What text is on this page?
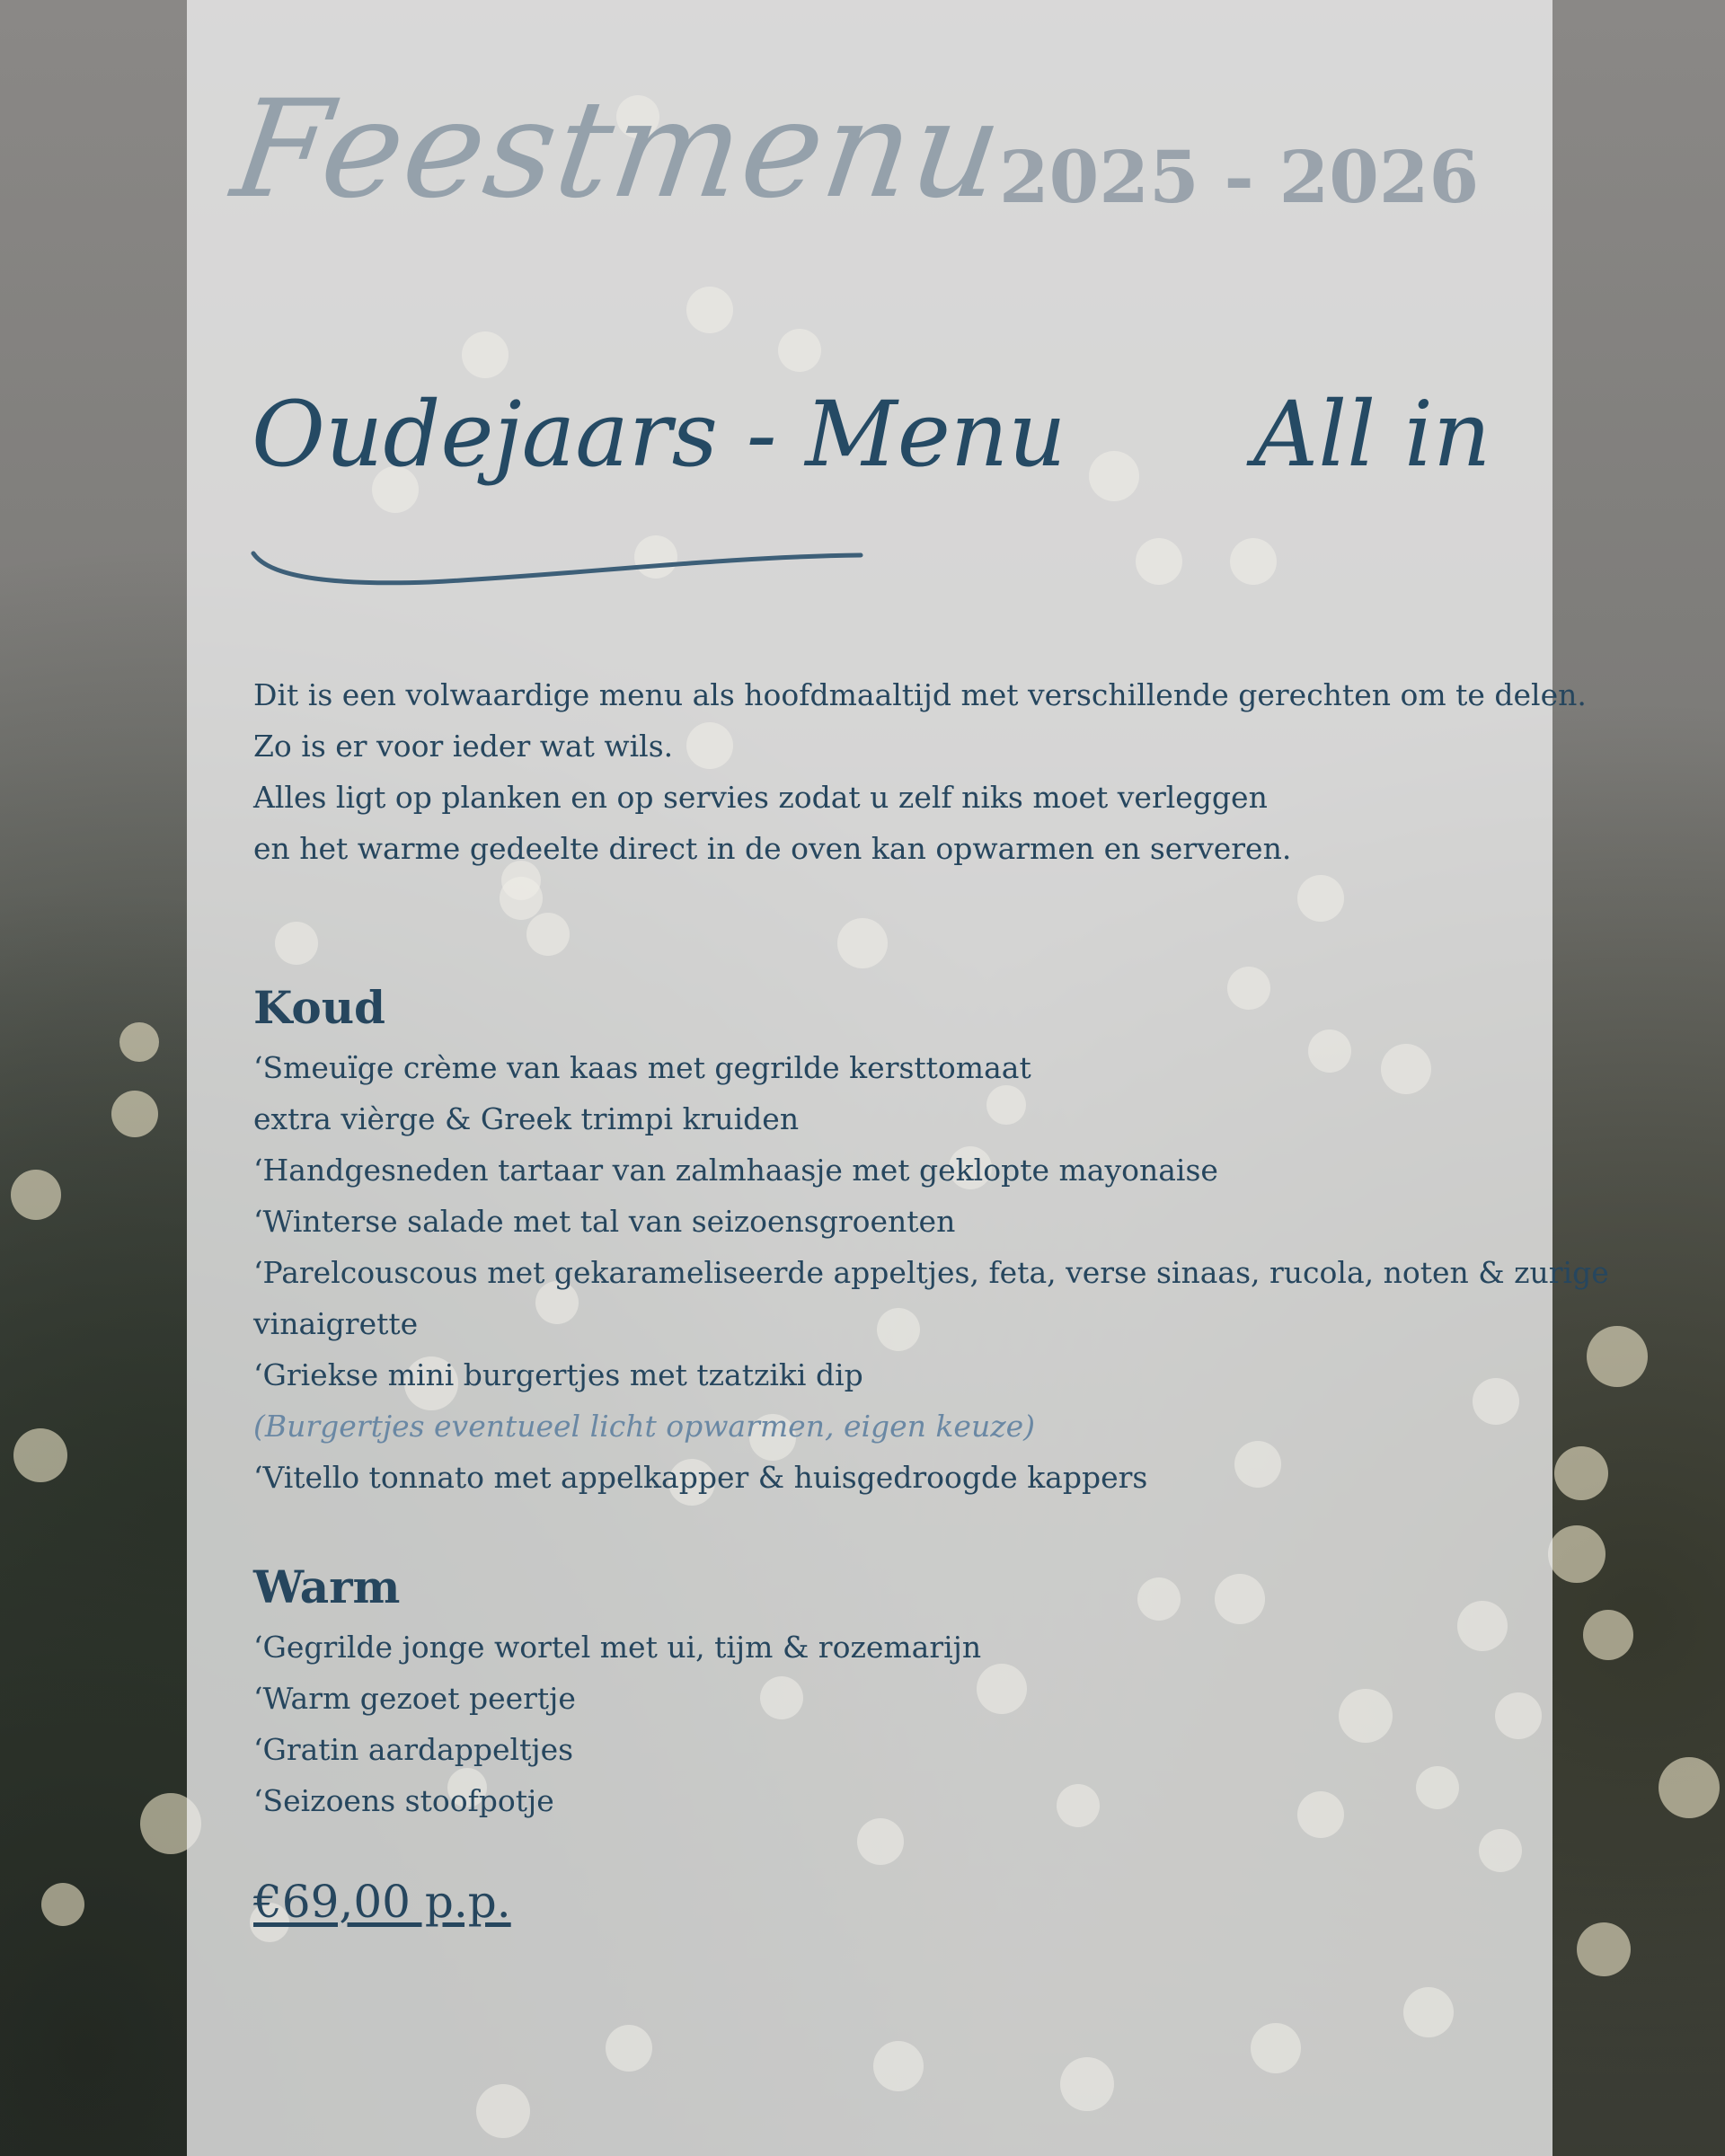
Feestmenu
2025 - 2026
Oudejaars - Menu All in

Dit is een volwaardige menu als hoofdmaaltijd met verschillende gerechten om te delen.

Zo is er voor ieder wat wils.

Alles ligt op planken en op servies zodat u zelf niks moet verleggen

en het warme gedeelte direct in de oven kan opwarmen en serveren.

Koud

‘Smeuïge crème van kaas met gegrilde kersttomaat

extra vièrge & Greek trimpi kruiden

‘Handgesneden tartaar van zalmhaasje met geklopte mayonaise

‘Winterse salade met tal van seizoensgroenten

‘Parelcouscous met gekarameliseerde appeltjes, feta, verse sinaas, rucola, noten & zurige

vinaigrette

‘Griekse mini burgertjes met tzatziki dip

(Burgertjes eventueel licht opwarmen, eigen keuze)

‘Vitello tonnato met appelkapper & huisgedroogde kappers

Warm

‘Gegrilde jonge wortel met ui, tijm & rozemarijn

‘Warm gezoet peertje

‘Gratin aardappeltjes

‘Seizoens stoofpotje

€69,00 p.p.
